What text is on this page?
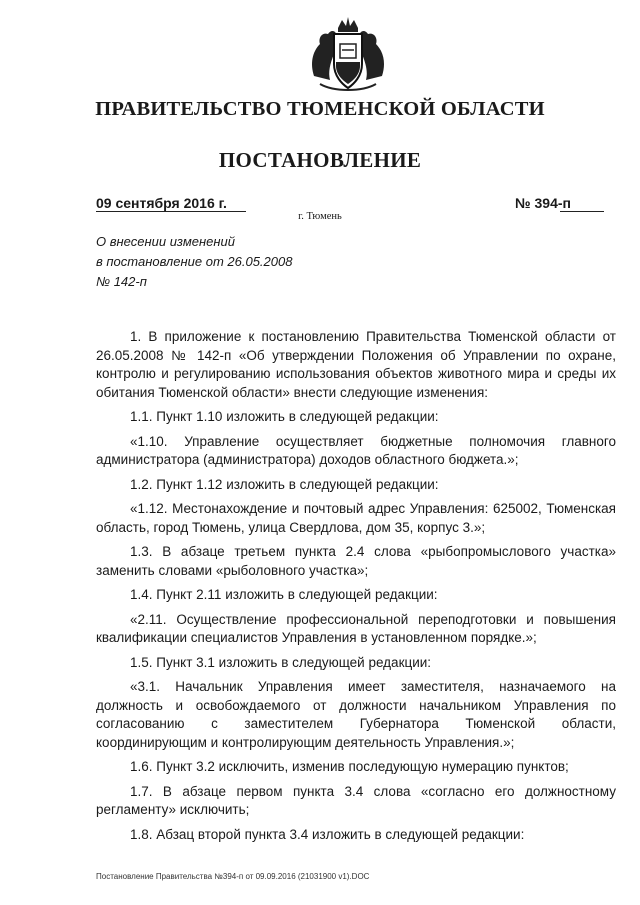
ПРАВИТЕЛЬСТВО ТЮМЕНСКОЙ ОБЛАСТИ
ПОСТАНОВЛЕНИЕ
09 сентября 2016 г.	№ 394-п
г. Тюмень
О внесении изменений
в постановление от 26.05.2008
№ 142-п

1. В приложение к постановлению Правительства Тюменской области от 26.05.2008 № 142-п «Об утверждении Положения об Управлении по охране, контролю и регулированию использования объектов животного мира и среды их обитания Тюменской области» внести следующие изменения:

1.1. Пункт 1.10 изложить в следующей редакции:

«1.10. Управление осуществляет бюджетные полномочия главного администратора (администратора) доходов областного бюджета.»;

1.2. Пункт 1.12 изложить в следующей редакции:

«1.12. Местонахождение и почтовый адрес Управления: 625002, Тюменская область, город Тюмень, улица Свердлова, дом 35, корпус 3.»;

1.3. В абзаце третьем пункта 2.4 слова «рыбопромыслового участка» заменить словами «рыболовного участка»;

1.4. Пункт 2.11 изложить в следующей редакции:

«2.11. Осуществление профессиональной переподготовки и повышения квалификации специалистов Управления в установленном порядке.»;

1.5. Пункт 3.1 изложить в следующей редакции:

«3.1. Начальник Управления имеет заместителя, назначаемого на должность и освобождаемого от должности начальником Управления по согласованию с заместителем Губернатора Тюменской области, координирующим и контролирующим деятельность Управления.»;

1.6. Пункт 3.2 исключить, изменив последующую нумерацию пунктов;

1.7. В абзаце первом пункта 3.4 слова «согласно его должностному регламенту» исключить;

1.8. Абзац второй пункта 3.4 изложить в следующей редакции:

Постановление Правительства №394-п от 09.09.2016 (21031900 v1).DOC
